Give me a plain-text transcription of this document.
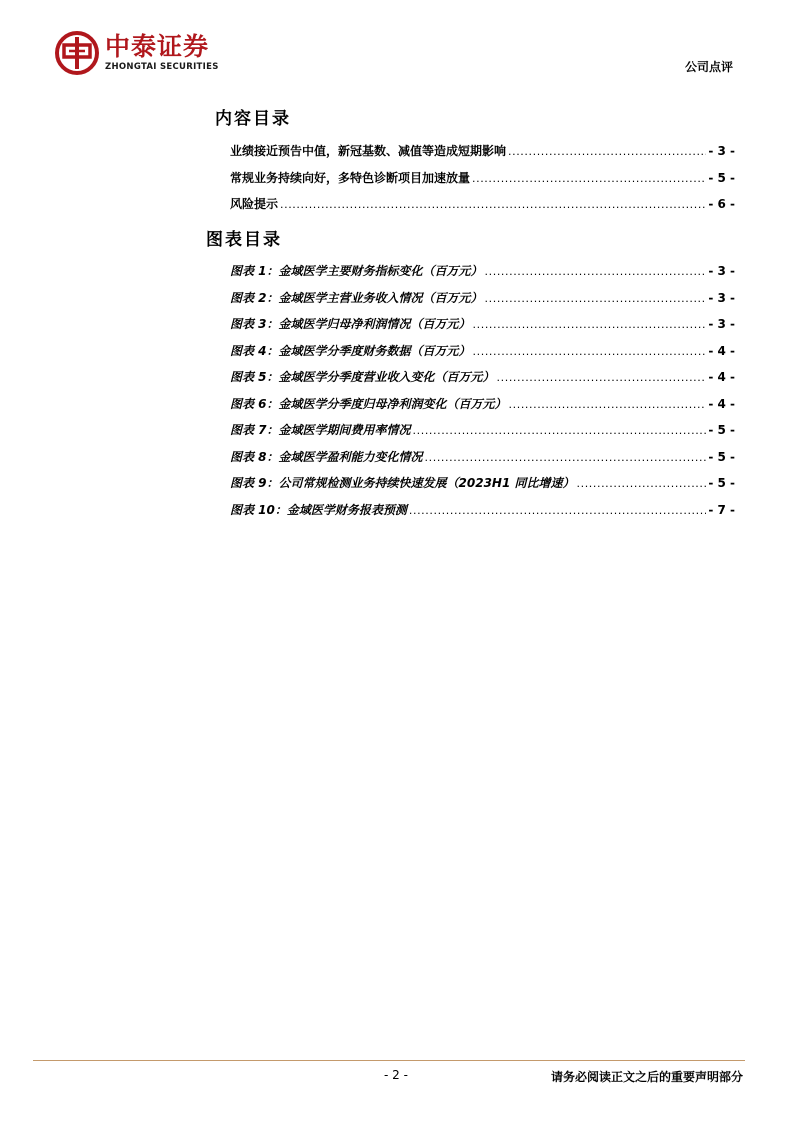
中泰证券
ZHONGTAI SECURITIES	公司点评
内容目录
业绩接近预告中值，新冠基数、减值等造成短期影响 .....	- 3 -
常规业务持续向好，多特色诊断项目加速放量 .....	- 5 -
风险提示 .....	- 6 -
图表目录
图表 1：金域医学主要财务指标变化（百万元） .....	- 3 -
图表 2：金域医学主营业务收入情况（百万元） .....	- 3 -
图表 3：金域医学归母净利润情况（百万元） .....	- 3 -
图表 4：金域医学分季度财务数据（百万元） .....	- 4 -
图表 5：金域医学分季度营业收入变化（百万元） .....	- 4 -
图表 6：金域医学分季度归母净利润变化（百万元） .....	- 4 -
图表 7：金域医学期间费用率情况 .....	- 5 -
图表 8：金域医学盈利能力变化情况 .....	- 5 -
图表 9：公司常规检测业务持续快速发展（2023H1 同比增速） .....	- 5 -
图表 10：金域医学财务报表预测 .....	- 7 -
- 2 -	请务必阅读正文之后的重要声明部分
